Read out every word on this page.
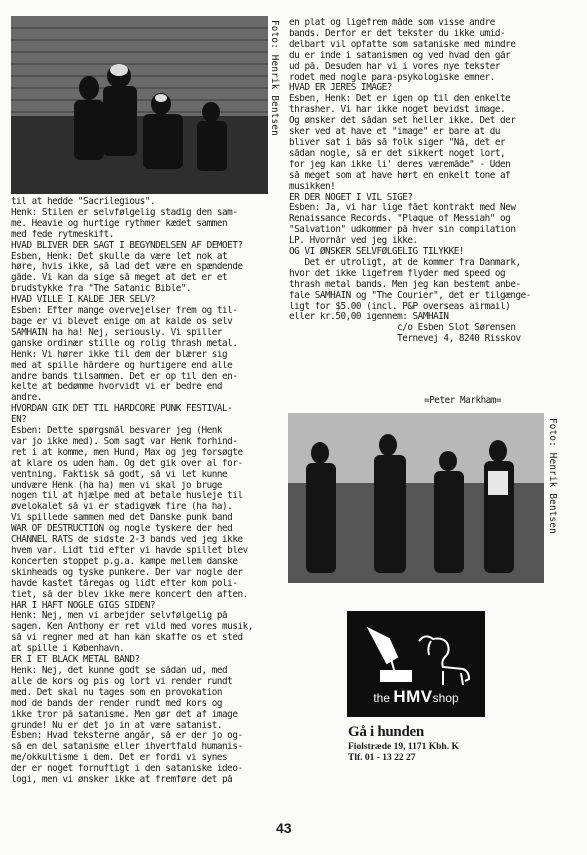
Foto: Henrik Bentsen
til at hedde "Sacrilegious".
Henk: Stilen er selvfølgelig stadig den sam-
me. Heavie og hurtige rythmer kædet sammen
med fede rytmeskift.
HVAD BLIVER DER SAGT I BEGYNDELSEN AF DEMOET?
Esben, Henk: Det skulle da være let nok at
høre, hvis ikke, så lad det være en spændende
gåde. Vi kan da sige så meget at det er et
brudstykke fra "The Satanic Bible".
HVAD VILLE I KALDE JER SELV?
Esben: Efter mange overvejelser frem og til-
bage er vi blevet enige om at kalde os selv
SAMHAIN ha ha! Nej, seriously. Vi spiller
ganske ordinær stille og rolig thrash metal.
Henk: Vi hører ikke til dem der blærer sig
med at spille hårdere og hurtigere end alle
andre bands tilsammen. Det er op til den en-
kelte at bedømme hvorvidt vi er bedre end
andre.
HVORDAN GIK DET TIL HARDCORE PUNK FESTIVAL-
EN?
Esben: Dette spørgsmål besvarer jeg (Henk
var jo ikke med). Som sagt var Henk forhind-
ret i at komme, men Hund, Max og jeg forsøgte
at klare os uden ham. Og det gik over al for-
ventning. Faktisk så godt, så vi let kunne
undvære Henk (ha ha) men vi skal jo bruge
nogen til at hjælpe med at betale husleje til
øvelokalet så vi er stadigvæk fire (ha ha).
Vi spillede sammen med det Danske punk band
WAR OF DESTRUCTION og nogle tyskere der hed
CHANNEL RATS de sidste 2-3 bands ved jeg ikke
hvem var. Lidt tid efter vi havde spillet blev
koncerten stoppet p.g.a. kampe mellem danske
skinheads og tyske punkere. Der var nogle der
havde kastet tåregas og lidt efter kom poli-
tiet, så der blev ikke mere koncert den aften.
HAR I HAFT NOGLE GIGS SIDEN?
Henk: Nej, men vi arbejder selvfølgelig på
sagen. Ken Anthony er ret vild med vores musik,
så vi regner med at han kan skaffe os et sted
at spille i København.
ER I ET BLACK METAL BAND?
Henk: Nej, det kunne godt se sådan ud, med
alle de kors og pis og lort vi render rundt
med. Det skal nu tages som en provokation
mod de bands der render rundt med kors og
ikke tror på satanisme. Men gør det af image
grunde! Nu er det jo in at være satanist.
Esben: Hvad teksterne angår, så er der jo og-
så en del satanisme eller ihvertfald humanis-
me/okkultisme i dem. Det er fordi vi synes
der er noget fornuftigt i den sataniske ideo-
logi, men vi ønsker ikke at fremføre det på
en plat og ligefrem måde som visse andre
bands. Derfor er det tekster du ikke umid-
delbart vil opfatte som sataniske med mindre
du er inde i satanismen og ved hvad den går
ud på. Desuden har vi i vores nye tekster
rodet med nogle para-psykologiske emner.
HVAD ER JERES IMAGE?
Esben, Henk: Det er igen op til den enkelte
thrasher. Vi har ikke noget bevidst image.
Og ønsker det sådan set heller ikke. Det der
sker ved at have et "image" er bare at du
bliver sat i bås så folk siger "Nå, det er
sådan nogle, så er det sikkert noget lort,
for jeg kan ikke li' deres væremåde" - Uden
så meget som at have hørt en enkelt tone af
musikken!
ER DER NOGET I VIL SIGE?
Esben: Ja, vi har lige fået kontrakt med New
Renaissance Records. "Plaque of Messiah" og
"Salvation" udkommer på hver sin compilation
LP. Hvornår ved jeg ikke.
OG VI ØNSKER SELVFØLGELIG TILYKKE!
Det er utroligt, at de kommer fra Danmark,
hvor det ikke ligefrem flyder med speed og
thrash metal bands. Men jeg kan bestemt anbe-
fale SAMHAIN og "The Courier", det er tilgænge-
ligt for $5.00 (incl. P&P overseas airmail)
eller kr.50,00 igennem: SAMHAIN
c/o Esben Slot Sørensen
Ternevej 4, 8240 Risskov
=Peter Markham=
Foto: Henrik Bentsen
the HMVshop
Gå i hunden
Fiolstræde 19, 1171 Kbh. K
Tlf. 01 - 13 22 27
43
